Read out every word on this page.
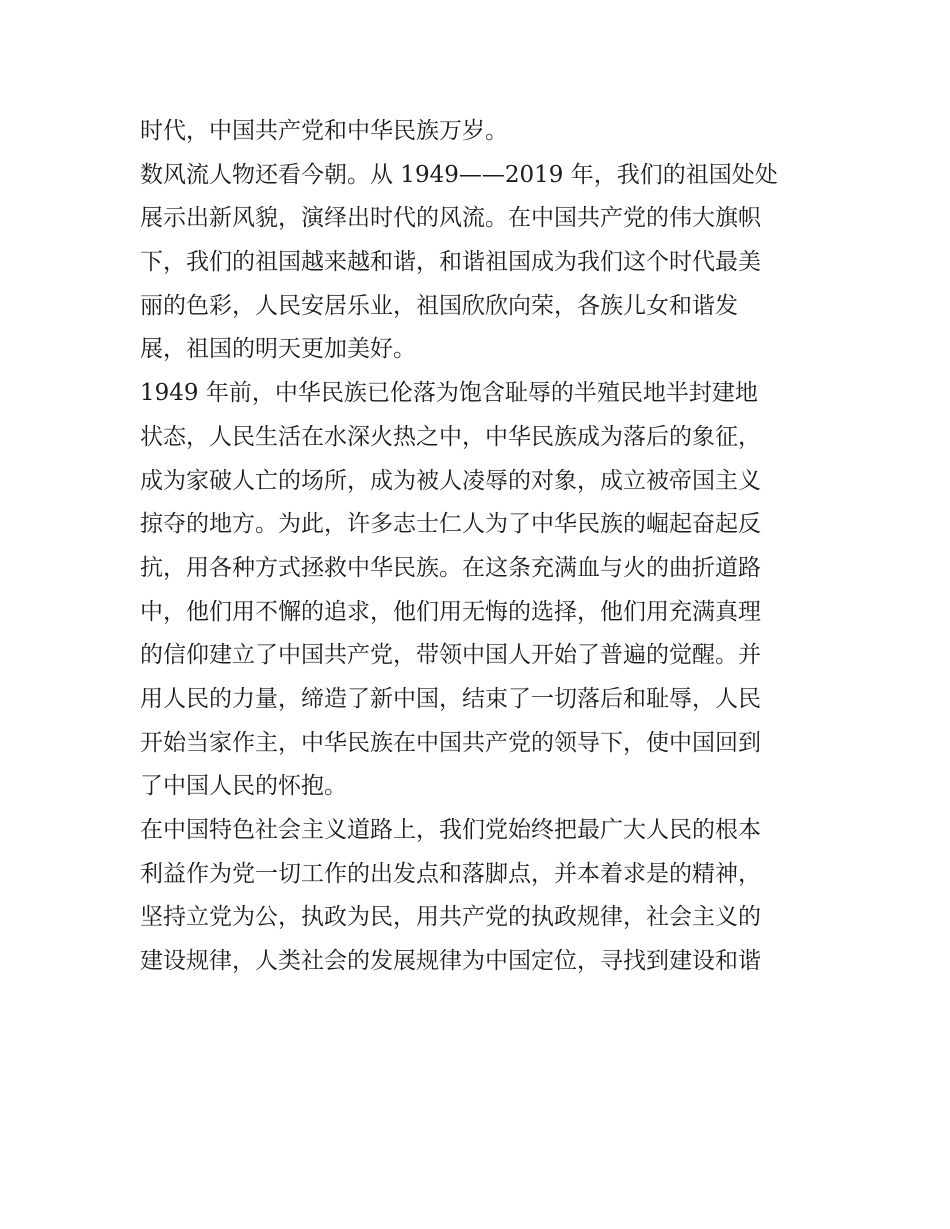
时代，中国共产党和中华民族万岁。
数风流人物还看今朝。从 1949——2019 年，我们的祖国处处
展示出新风貌，演绎出时代的风流。在中国共产党的伟大旗帜
下，我们的祖国越来越和谐，和谐祖国成为我们这个时代最美
丽的色彩，人民安居乐业，祖国欣欣向荣，各族儿女和谐发
展，祖国的明天更加美好。
1949 年前，中华民族已伦落为饱含耻辱的半殖民地半封建地
状态，人民生活在水深火热之中，中华民族成为落后的象征，
成为家破人亡的场所，成为被人凌辱的对象，成立被帝国主义
掠夺的地方。为此，许多志士仁人为了中华民族的崛起奋起反
抗，用各种方式拯救中华民族。在这条充满血与火的曲折道路
中，他们用不懈的追求，他们用无悔的选择，他们用充满真理
的信仰建立了中国共产党，带领中国人开始了普遍的觉醒。并
用人民的力量，缔造了新中国，结束了一切落后和耻辱，人民
开始当家作主，中华民族在中国共产党的领导下，使中国回到
了中国人民的怀抱。
在中国特色社会主义道路上，我们党始终把最广大人民的根本
利益作为党一切工作的出发点和落脚点，并本着求是的精神，
坚持立党为公，执政为民，用共产党的执政规律，社会主义的
建设规律，人类社会的发展规律为中国定位，寻找到建设和谐
